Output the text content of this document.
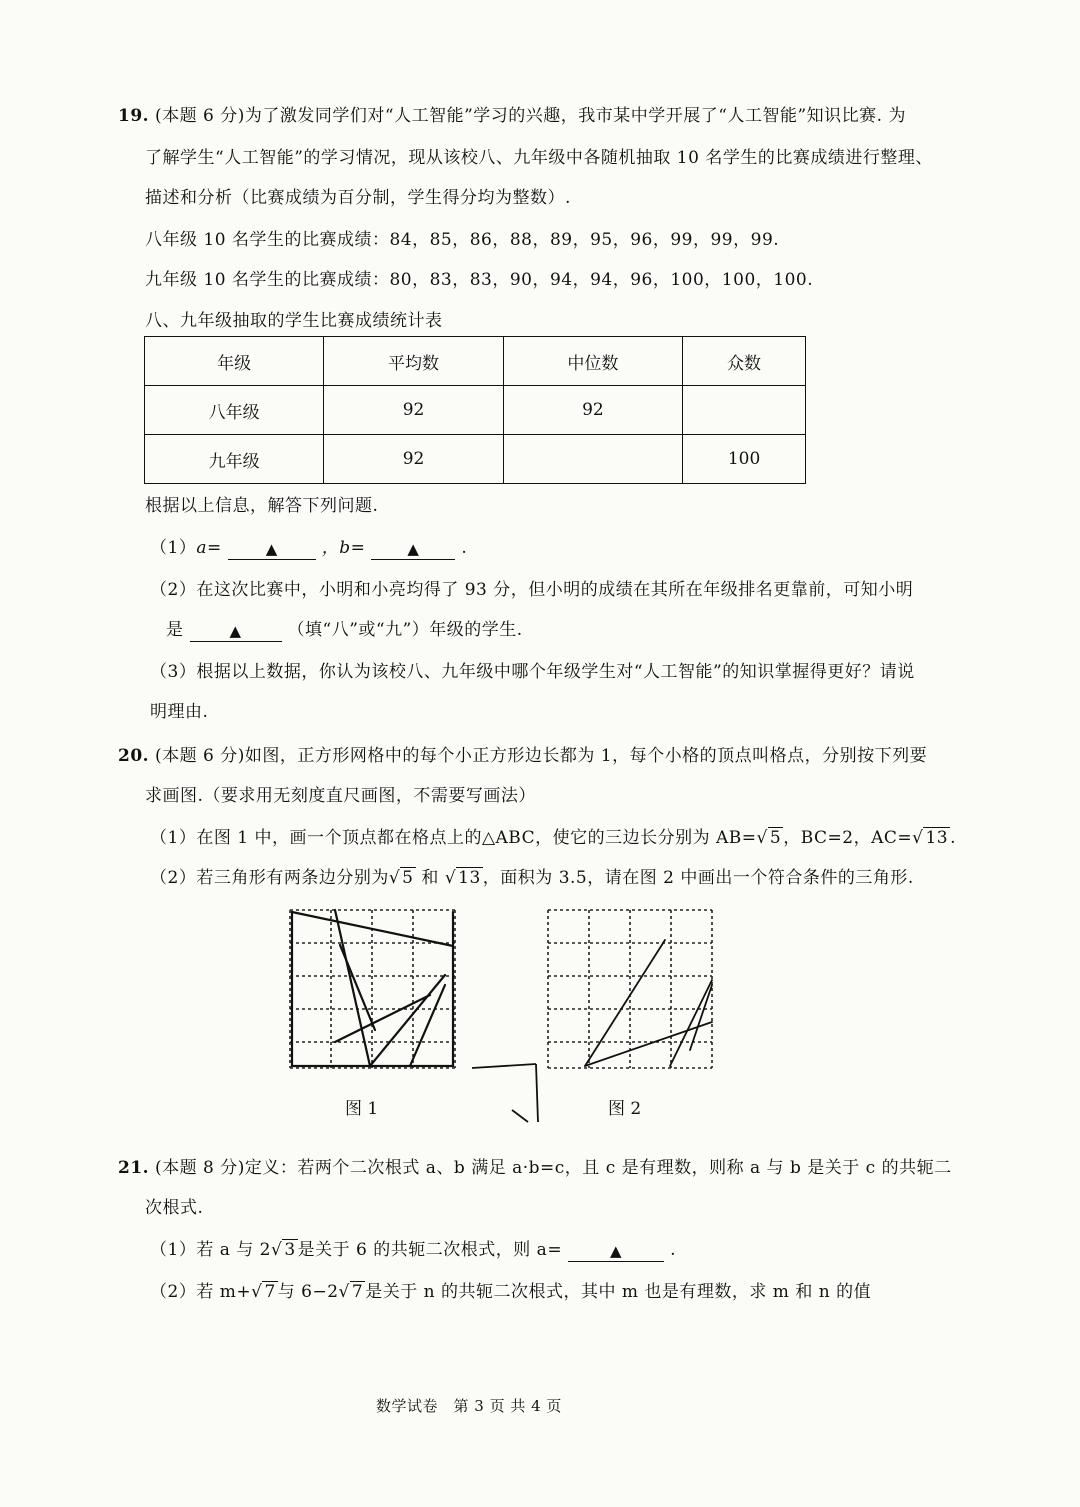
19. (本题 6 分)为了激发同学们对“人工智能”学习的兴趣，我市某中学开展了“人工智能”知识比赛. 为
了解学生“人工智能”的学习情况，现从该校八、九年级中各随机抽取 10 名学生的比赛成绩进行整理、
描述和分析（比赛成绩为百分制，学生得分均为整数）.
八年级 10 名学生的比赛成绩：84，85，86，88，89，95，96，99，99，99.
九年级 10 名学生的比赛成绩：80，83，83，90，94，94，96，100，100，100.
八、九年级抽取的学生比赛成绩统计表
年级	平均数	中位数	众数
八年级	92	92	
九年级	92		100
根据以上信息，解答下列问题.
（1）a=	▲	，b=	▲ .
（2）在这次比赛中，小明和小亮均得了 93 分，但小明的成绩在其所在年级排名更靠前，可知小明
是	▲	（填“八”或“九”）年级的学生.
（3）根据以上数据，你认为该校八、九年级中哪个年级学生对“人工智能”的知识掌握得更好？请说
明理由.
20. (本题 6 分)如图，正方形网格中的每个小正方形边长都为 1，每个小格的顶点叫格点，分别按下列要
求画图.（要求用无刻度直尺画图，不需要写画法）
（1）在图 1 中，画一个顶点都在格点上的△ABC，使它的三边长分别为 AB=√ 5 ，BC=2，AC=√ 13 .
（2）若三角形有两条边分别为√ 5 和 √ 13 ，面积为 3.5，请在图 2 中画出一个符合条件的三角形.
图 1	图 2
21. (本题 8 分)定义：若两个二次根式 a、b 满足 a·b=c，且 c 是有理数，则称 a 与 b 是关于 c 的共轭二
次根式.
（1）若 a 与 2√ 3 是关于 6 的共轭二次根式，则 a=	▲	.
（2）若 m+√ 7 与 6−2√ 7 是关于 n 的共轭二次根式，其中 m 也是有理数，求 m 和 n 的值
数学试卷　第 3 页 共 4 页
